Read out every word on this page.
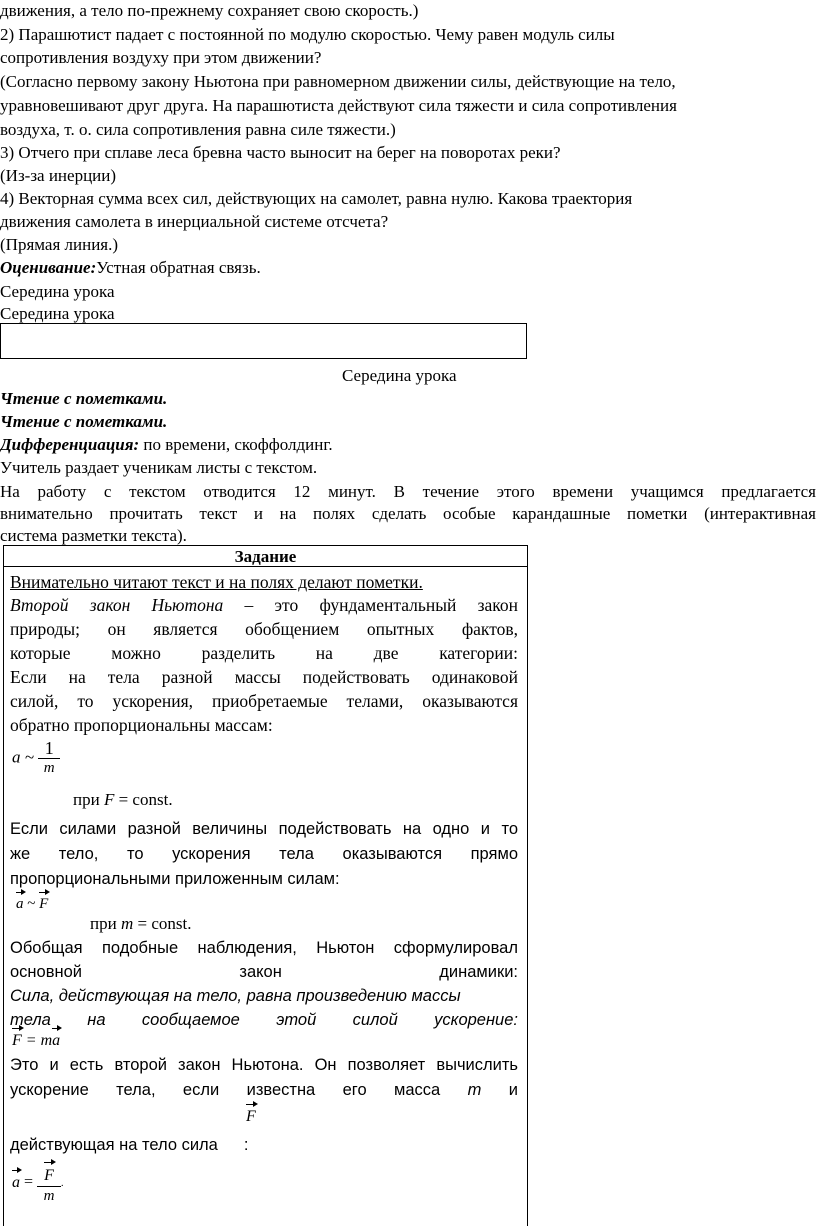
движения, а тело по-прежнему сохраняет свою скорость.)
2) Парашютист падает с постоянной по модулю скоростью. Чему равен модуль силы
сопротивления воздуху при этом движении?
(Согласно первому закону Ньютона при равномерном движении силы, действующие на тело,
уравновешивают друг друга. На парашютиста действуют сила тяжести и сила сопротивления
воздуха, т. о. сила сопротивления равна силе тяжести.)
3) Отчего при сплаве леса бревна часто выносит на берег на поворотах реки?
(Из-за инерции)
4) Векторная сумма всех сил, действующих на самолет, равна нулю. Какова траектория
движения самолета в инерциальной системе отсчета?
(Прямая линия.)
Оценивание:Устная обратная связь.
Середина урока
Середина урока
Середина урока
Чтение с пометками.
Чтение с пометками.
Дифференциация: по времени, скоффолдинг.
Учитель раздает ученикам листы с текстом.
На работу с текстом отводится 12 минут. В течение этого времени учащимся предлагается
внимательно прочитать текст и на полях сделать особые карандашные пометки (интерактивная
система разметки текста).
Задание
Внимательно читают текст и на полях делают пометки.
Второй закон Ньютона – это фундаментальный закон
природы; он является обобщением опытных фактов,
которые можно разделить на две категории:
Если на тела разной массы подействовать одинаковой
силой, то ускорения, приобретаемые телами, оказываются
обратно пропорциональны массам:
a ~ $\frac{1}{m}$
при F = const.
Если силами разной величины подействовать на одно и то
же тело, то ускорения тела оказываются прямо
пропорциональными приложенным силам:
a ~ F
при m = const.
Обобщая подобные наблюдения, Ньютон сформулировал
основной закон динамики:
Сила, действующая на тело, равна произведению массы
тела на сообщаемое этой силой ускорение:
F = ma
Это и есть второй закон Ньютона. Он позволяет вычислить
ускорение тела, если известна его масса m и
F
действующая на тело сила :
$a = \frac{F}{m}$ .
